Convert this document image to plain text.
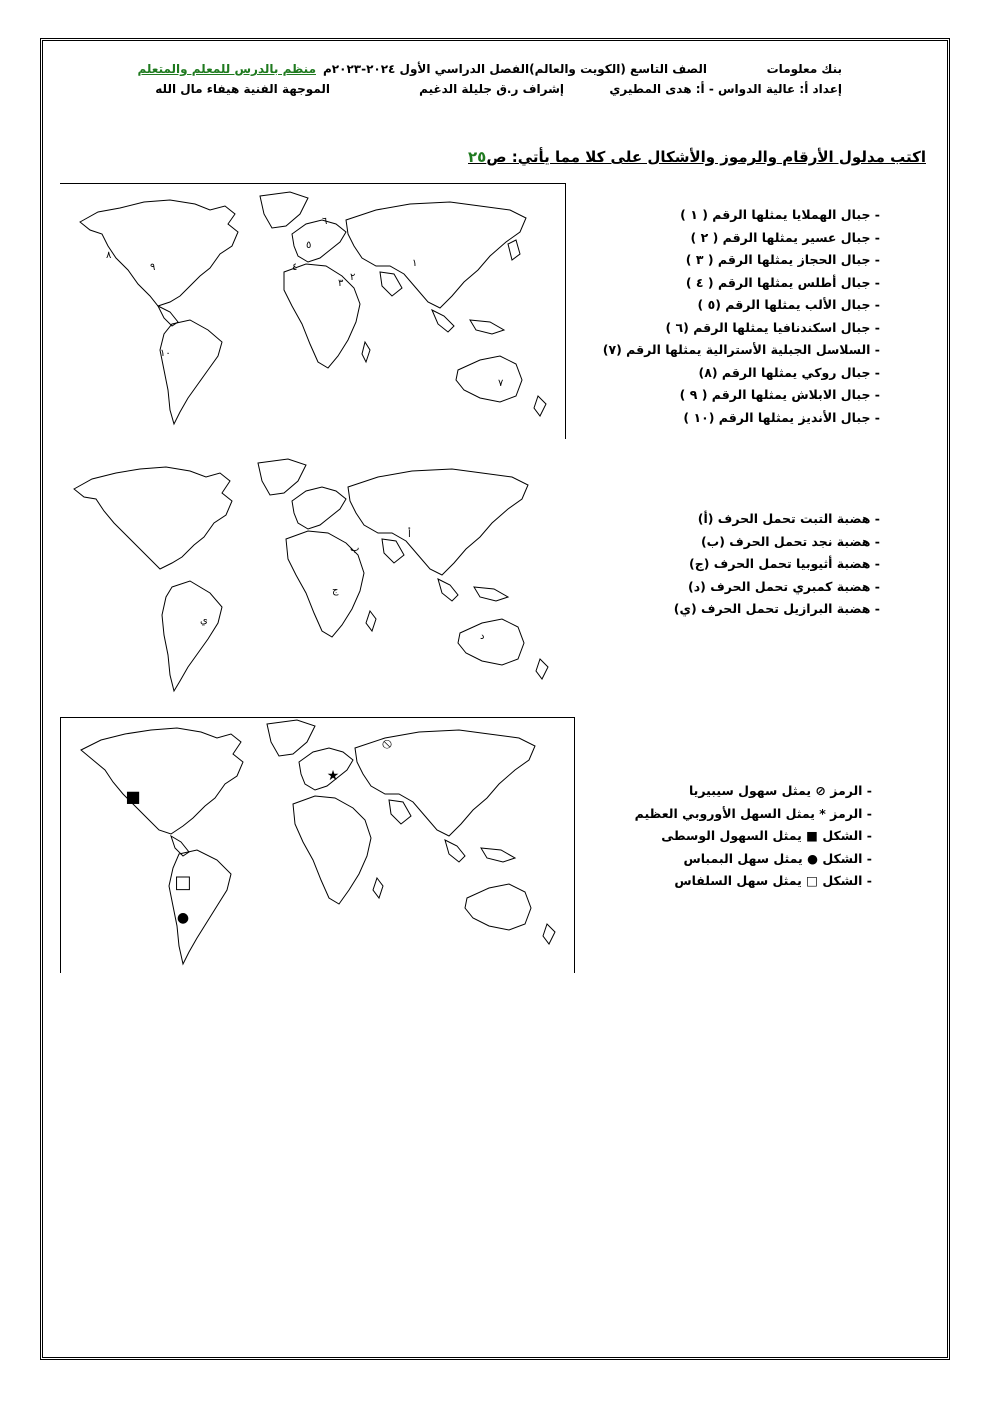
بنك معلومات
الصف التاسع (الكويت والعالم)الفصل الدراسي الأول ٢٠٢٤-٢٠٢٣م
منظم بالدرس للمعلم والمتعلم
إعداد أ: عالية الدواس - أ: هدى المطيري
إشراف ر.ق جليلة الدغيم
الموجهة الفنية هيفاء مال الله
اكتب مدلول الأرقام والرموز والأشكال على كلا مما يأتي: ص٢٥
١
٢
٣
٤
٥
٦
٧
٨
٩
١٠
- جبال الهملايا يمثلها الرقم ( ١ )
- جبال عسير يمثلها الرقم ( ٢ )
- جبال الحجاز يمثلها الرقم ( ٣ )
- جبال أطلس يمثلها الرقم ( ٤ )
- جبال الألب يمثلها الرقم (٥ )
- جبال اسكندنافيا يمثلها الرقم (٦ )
- السلاسل الجبلية الأسترالية يمثلها الرقم (٧)
- جبال روكي يمثلها الرقم (٨)
- جبال الابلاش يمثلها الرقم ( ٩ )
- جبال الأنديز يمثلها الرقم (١٠ )
أ
ب
ج
د
ي
- هضبة التبت تحمل الحرف (أ)
- هضبة نجد تحمل الحرف (ب)
- هضبة أثيوبيا تحمل الحرف (ج)
- هضبة كمبري تحمل الحرف (د)
- هضبة البرازيل تحمل الحرف (ي)
⦸
★
■
●
□
- الرمز ⦸ يمثل سهول سيبيريا
- الرمز * يمثل السهل الأوروبي العظيم
- الشكل ■ يمثل السهول الوسطى
- الشكل ● يمثل سهل البمباس
- الشكل □ يمثل سهل السلفاس
